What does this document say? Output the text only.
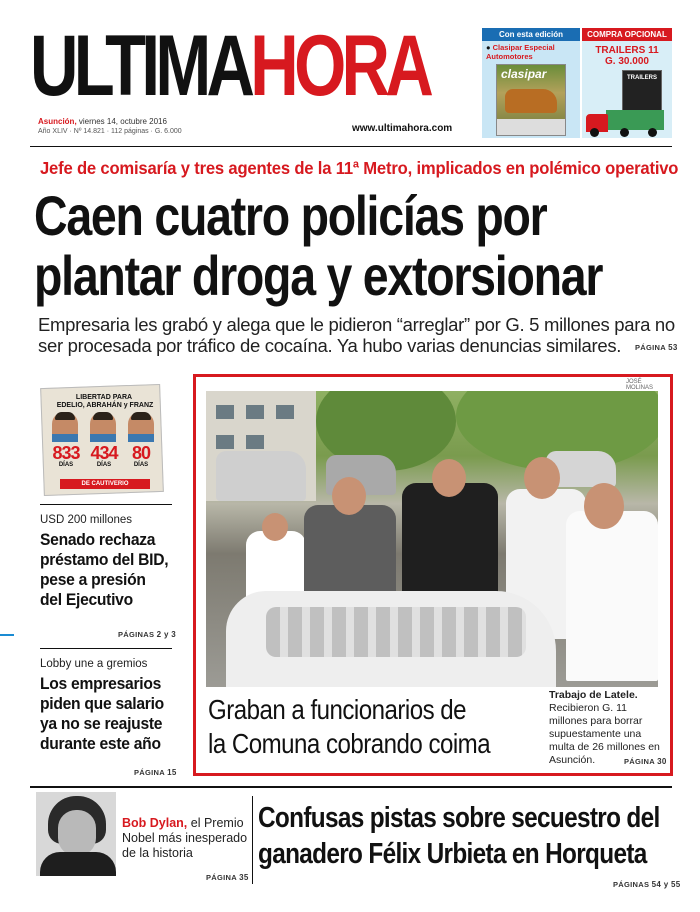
ULTIMAHORA
Asunción, viernes 14, octubre 2016
Año XLIV · Nº 14.821 · 112 páginas · G. 6.000	www.ultimahora.com
Con esta edición
● Clasipar Especial Automotores
clasipar
COMPRA OPCIONAL
TRAILERS 11
G. 30.000
TRAILERS
Jefe de comisaría y tres agentes de la 11ª Metro, implicados en polémico operativo
Caen cuatro policías por
plantar droga y extorsionar
Empresaria les grabó y alega que le pidieron “arreglar” por G. 5 millones para no ser procesada por tráfico de cocaína. Ya hubo varias denuncias similares.	PÁGINA 53
LIBERTAD PARA
EDELIO, ABRAHÁN y FRANZ
833
DÍAS
434
DÍAS
80
DÍAS
DE CAUTIVERIO
USD 200 millones
Senado rechaza préstamo del BID, pese a presión del Ejecutivo
PÁGINAS 2 y 3
Lobby une a gremios
Los empresarios piden que salario ya no se reajuste durante este año
PÁGINA 15
JOSÉ MOLINAS
Graban a funcionarios de
la Comuna cobrando coima
Trabajo de Latele. Recibieron G. 11 millones para borrar supuestamente una multa de 26 millones en Asunción.	PÁGINA 30
Bob Dylan, el Premio Nobel más inesperado de la historia
PÁGINA 35
Confusas pistas sobre secuestro del
ganadero Félix Urbieta en Horqueta
PÁGINAS 54 y 55
